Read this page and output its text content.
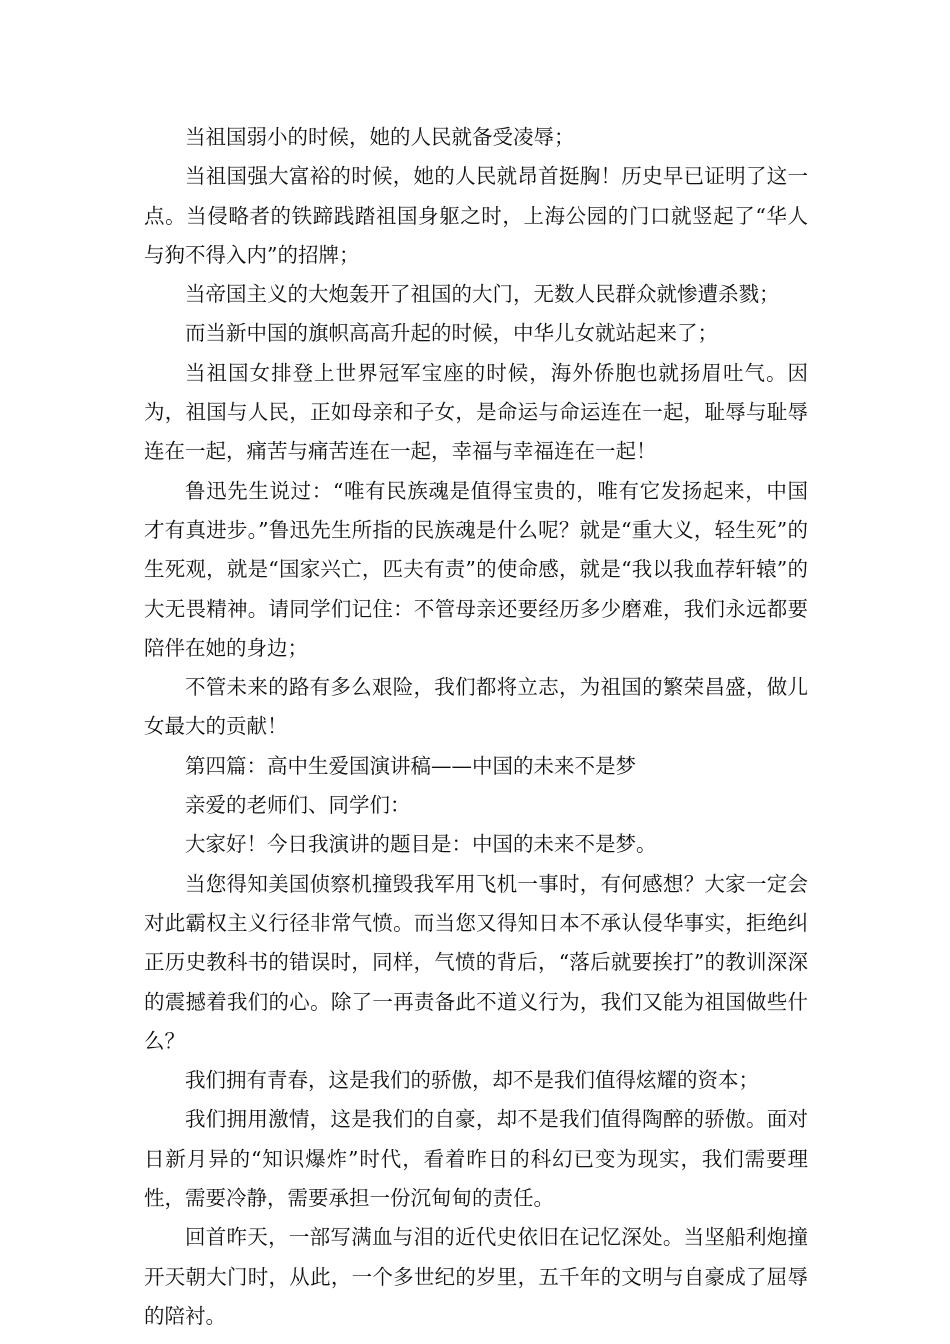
当祖国弱小的时候，她的人民就备受凌辱；

当祖国强大富裕的时候，她的人民就昂首挺胸！历史早已证明了这一点。当侵略者的铁蹄践踏祖国身躯之时，上海公园的门口就竖起了“华人与狗不得入内”的招牌；

当帝国主义的大炮轰开了祖国的大门，无数人民群众就惨遭杀戮；

而当新中国的旗帜高高升起的时候，中华儿女就站起来了；

当祖国女排登上世界冠军宝座的时候，海外侨胞也就扬眉吐气。因为，祖国与人民，正如母亲和子女，是命运与命运连在一起，耻辱与耻辱连在一起，痛苦与痛苦连在一起，幸福与幸福连在一起！

鲁迅先生说过：“唯有民族魂是值得宝贵的，唯有它发扬起来，中国才有真进步。”鲁迅先生所指的民族魂是什么呢？就是“重大义，轻生死”的生死观，就是“国家兴亡，匹夫有责”的使命感，就是“我以我血荐轩辕”的大无畏精神。请同学们记住：不管母亲还要经历多少磨难，我们永远都要陪伴在她的身边；

不管未来的路有多么艰险，我们都将立志，为祖国的繁荣昌盛，做儿女最大的贡献！

第四篇：高中生爱国演讲稿——中国的未来不是梦

亲爱的老师们、同学们：

大家好！今日我演讲的题目是：中国的未来不是梦。

当您得知美国侦察机撞毁我军用飞机一事时，有何感想？大家一定会对此霸权主义行径非常气愤。而当您又得知日本不承认侵华事实，拒绝纠正历史教科书的错误时，同样，气愤的背后，“落后就要挨打”的教训深深的震撼着我们的心。除了一再责备此不道义行为，我们又能为祖国做些什么？

我们拥有青春，这是我们的骄傲，却不是我们值得炫耀的资本；

我们拥用激情，这是我们的自豪，却不是我们值得陶醉的骄傲。面对日新月异的“知识爆炸”时代，看着昨日的科幻已变为现实，我们需要理性，需要冷静，需要承担一份沉甸甸的责任。

回首昨天，一部写满血与泪的近代史依旧在记忆深处。当坚船利炮撞开天朝大门时，从此，一个多世纪的岁里，五千年的文明与自豪成了屈辱的陪衬。
